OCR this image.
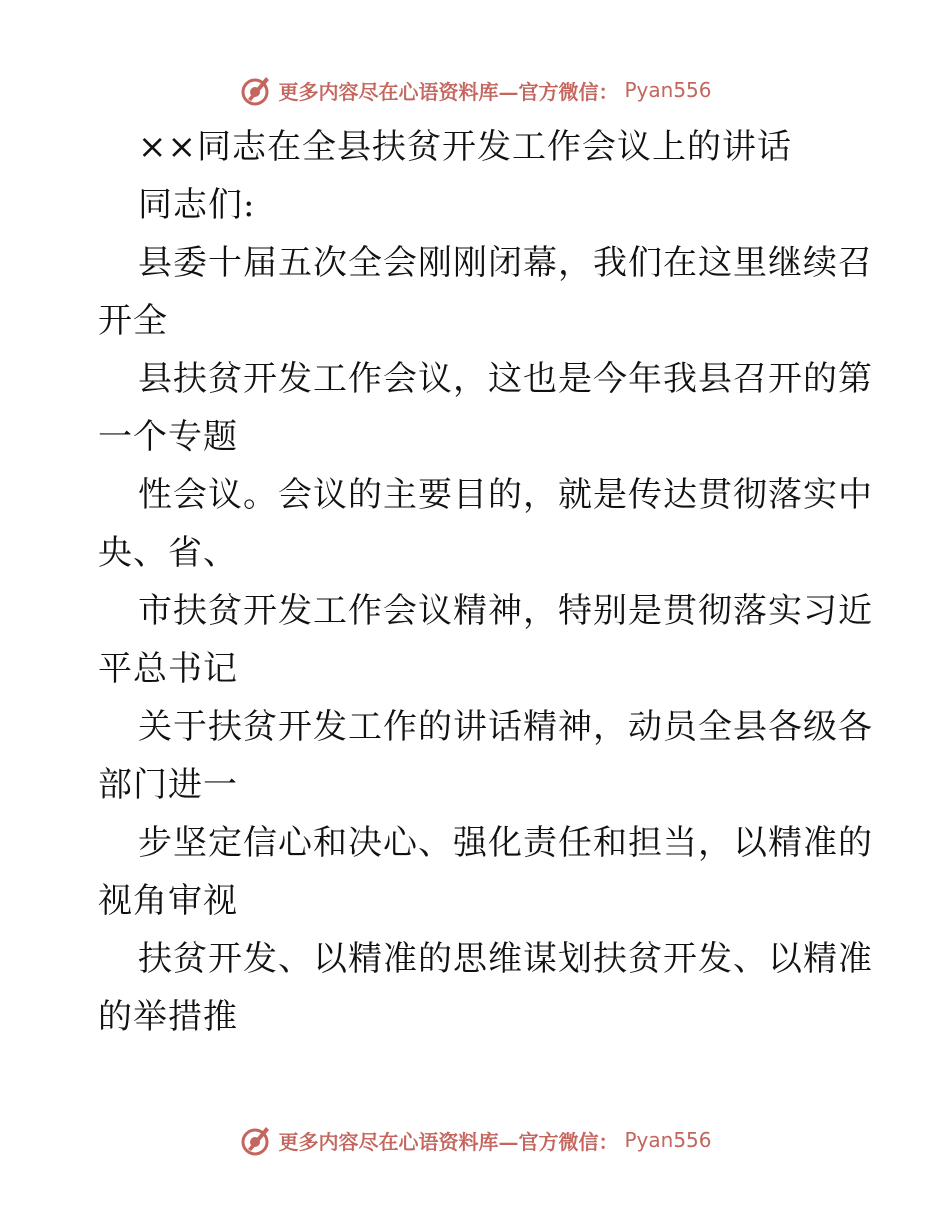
更多内容尽在心语资料库—官方微信： Pyan556
××同志在全县扶贫开发工作会议上的讲话
同志们:
县委十届五次全会刚刚闭幕，我们在这里继续召
开全
县扶贫开发工作会议，这也是今年我县召开的第
一个专题
性会议。会议的主要目的，就是传达贯彻落实中
央、省、
市扶贫开发工作会议精神，特别是贯彻落实习近
平总书记
关于扶贫开发工作的讲话精神，动员全县各级各
部门进一
步坚定信心和决心、强化责任和担当，以精准的
视角审视
扶贫开发、以精准的思维谋划扶贫开发、以精准
的举措推
更多内容尽在心语资料库—官方微信： Pyan556
